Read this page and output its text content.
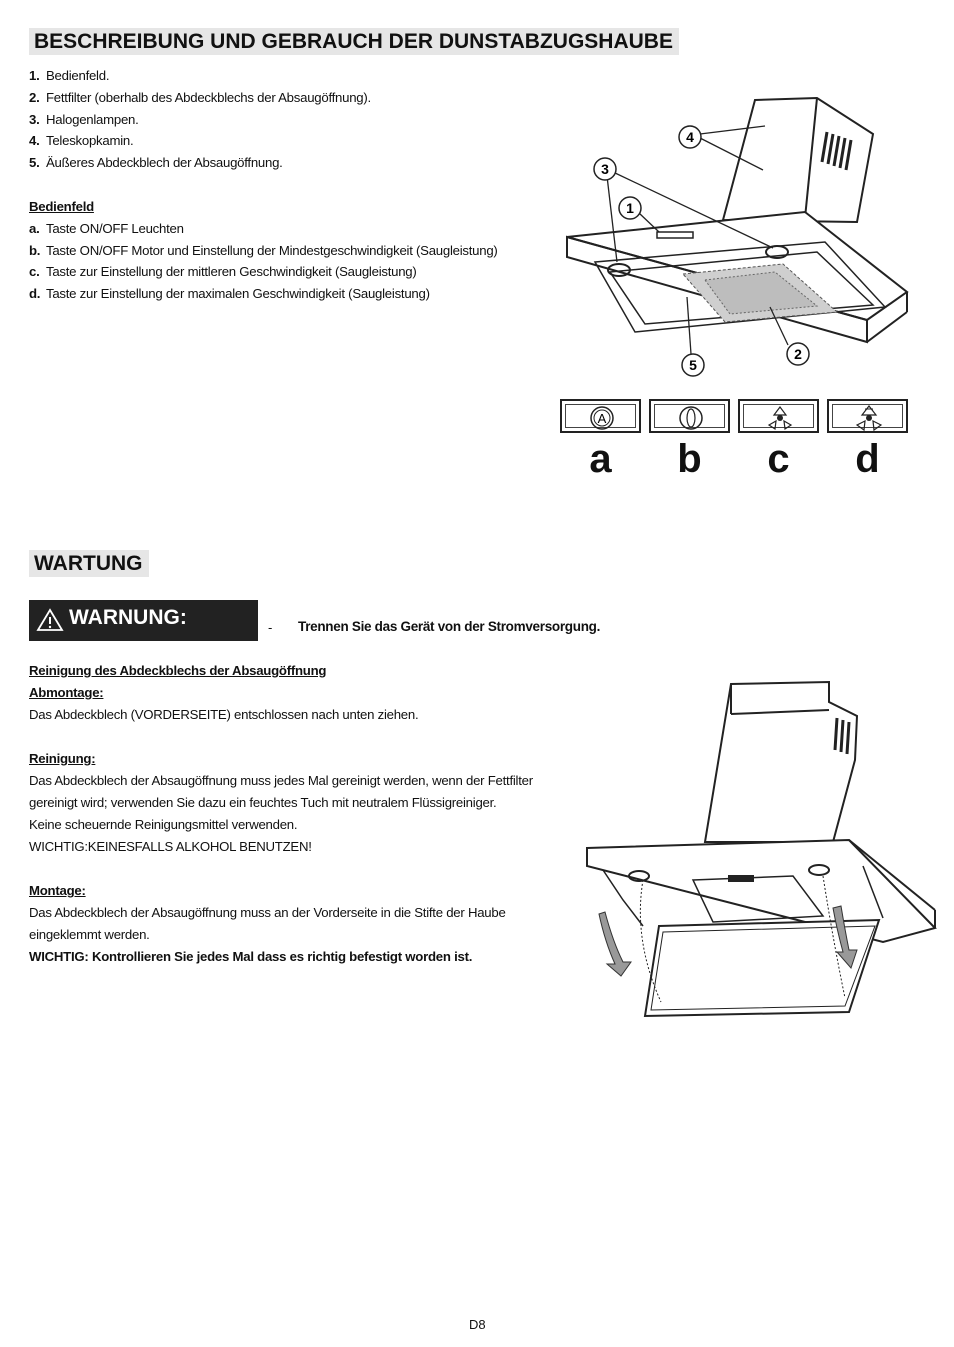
BESCHREIBUNG UND GEBRAUCH DER DUNSTABZUGSHAUBE
1. Bedienfeld.
2. Fettfilter (oberhalb des Abdeckblechs der Absaugöffnung).
3. Halogenlampen.
4. Teleskopkamin.
5. Äußeres Abdeckblech der Absaugöffnung.
Bedienfeld
a. Taste ON/OFF Leuchten
b. Taste ON/OFF Motor und Einstellung der Mindestgeschwindigkeit (Saugleistung)
c. Taste zur Einstellung der mittleren Geschwindigkeit (Saugleistung)
d. Taste zur Einstellung der maximalen Geschwindigkeit (Saugleistung)
1
2
3
4
5
A
a	b	c	d
WARTUNG
WARNUNG:	- Trennen Sie das Gerät von der Stromversorgung.

Reinigung des Abdeckblechs der Absaugöffnung

Abmontage:

Das Abdeckblech (VORDERSEITE) entschlossen nach unten ziehen.

Reinigung:

Das Abdeckblech der Absaugöffnung muss jedes Mal gereinigt werden, wenn der Fettfilter

gereinigt wird; verwenden Sie dazu ein feuchtes Tuch mit neutralem Flüssigreiniger.

Keine scheuernde Reinigungsmittel verwenden.

WICHTIG:KEINESFALLS ALKOHOL BENUTZEN!

Montage:

Das Abdeckblech der Absaugöffnung muss an der Vorderseite in die Stifte der Haube

eingeklemmt werden.

WICHTIG: Kontrollieren Sie jedes Mal dass es richtig befestigt worden ist.

D8
